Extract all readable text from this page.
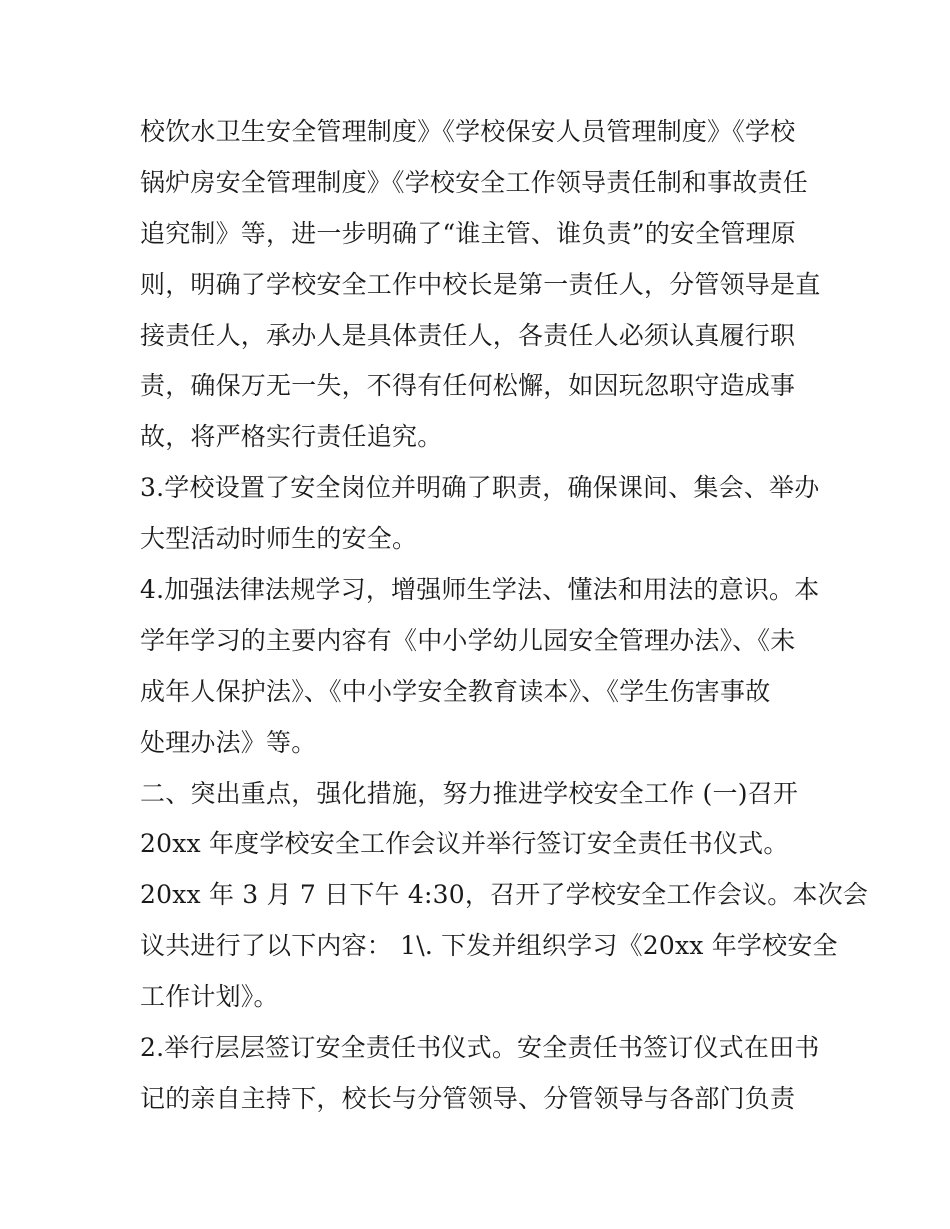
校饮水卫生安全管理制度》《学校保安人员管理制度》《学校
锅炉房安全管理制度》《学校安全工作领导责任制和事故责任
追究制》等，进一步明确了“谁主管、谁负责”的安全管理原
则，明确了学校安全工作中校长是第一责任人，分管领导是直
接责任人，承办人是具体责任人，各责任人必须认真履行职
责，确保万无一失，不得有任何松懈，如因玩忽职守造成事
故，将严格实行责任追究。
3.学校设置了安全岗位并明确了职责，确保课间、集会、举办
大型活动时师生的安全。
4.加强法律法规学习，增强师生学法、懂法和用法的意识。本
学年学习的主要内容有《中小学幼儿园安全管理办法》、《未
成年人保护法》、《中小学安全教育读本》、《学生伤害事故
处理办法》等。
二、突出重点，强化措施，努力推进学校安全工作 (一)召开
20xx 年度学校安全工作会议并举行签订安全责任书仪式。
20xx 年 3 月 7 日下午 4:30，召开了学校安全工作会议。本次会
议共进行了以下内容： 1\. 下发并组织学习《20xx 年学校安全
工作计划》。
2.举行层层签订安全责任书仪式。安全责任书签订仪式在田书
记的亲自主持下，校长与分管领导、分管领导与各部门负责
